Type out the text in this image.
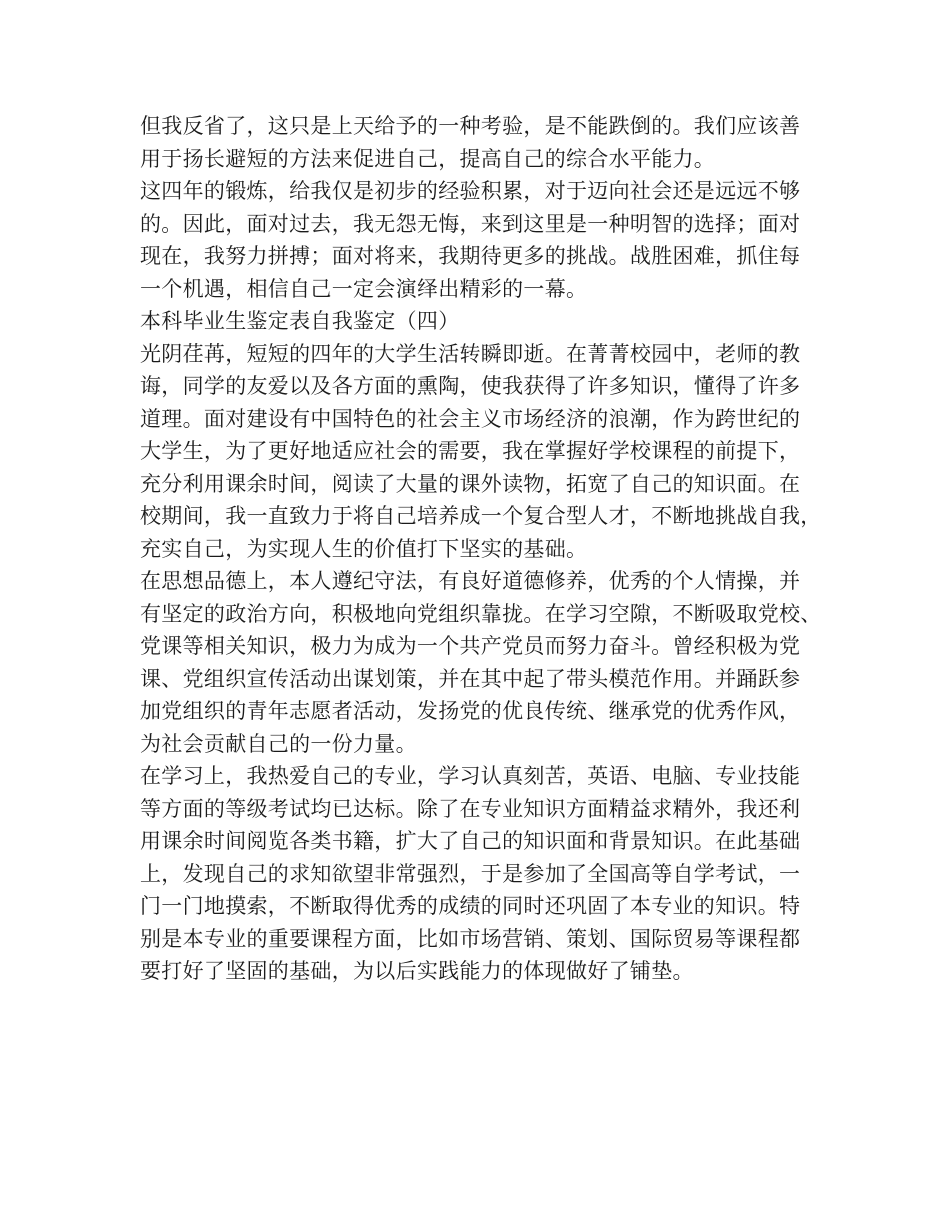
但我反省了，这只是上天给予的一种考验，是不能跌倒的。我们应该善
用于扬长避短的方法来促进自己，提高自己的综合水平能力。
这四年的锻炼，给我仅是初步的经验积累，对于迈向社会还是远远不够
的。因此，面对过去，我无怨无悔，来到这里是一种明智的选择；面对
现在，我努力拼搏；面对将来，我期待更多的挑战。战胜困难，抓住每
一个机遇，相信自己一定会演绎出精彩的一幕。
本科毕业生鉴定表自我鉴定（四）
光阴荏苒，短短的四年的大学生活转瞬即逝。在菁菁校园中，老师的教
诲，同学的友爱以及各方面的熏陶，使我获得了许多知识，懂得了许多
道理。面对建设有中国特色的社会主义市场经济的浪潮，作为跨世纪的
大学生，为了更好地适应社会的需要，我在掌握好学校课程的前提下，
充分利用课余时间，阅读了大量的课外读物，拓宽了自己的知识面。在
校期间，我一直致力于将自己培养成一个复合型人才，不断地挑战自我，
充实自己，为实现人生的价值打下坚实的基础。
在思想品德上，本人遵纪守法，有良好道德修养，优秀的个人情操，并
有坚定的政治方向，积极地向党组织靠拢。在学习空隙，不断吸取党校、
党课等相关知识，极力为成为一个共产党员而努力奋斗。曾经积极为党
课、党组织宣传活动出谋划策，并在其中起了带头模范作用。并踊跃参
加党组织的青年志愿者活动，发扬党的优良传统、继承党的优秀作风，
为社会贡献自己的一份力量。
在学习上，我热爱自己的专业，学习认真刻苦，英语、电脑、专业技能
等方面的等级考试均已达标。除了在专业知识方面精益求精外，我还利
用课余时间阅览各类书籍，扩大了自己的知识面和背景知识。在此基础
上，发现自己的求知欲望非常强烈，于是参加了全国高等自学考试，一
门一门地摸索，不断取得优秀的成绩的同时还巩固了本专业的知识。特
别是本专业的重要课程方面，比如市场营销、策划、国际贸易等课程都
要打好了坚固的基础，为以后实践能力的体现做好了铺垫。
